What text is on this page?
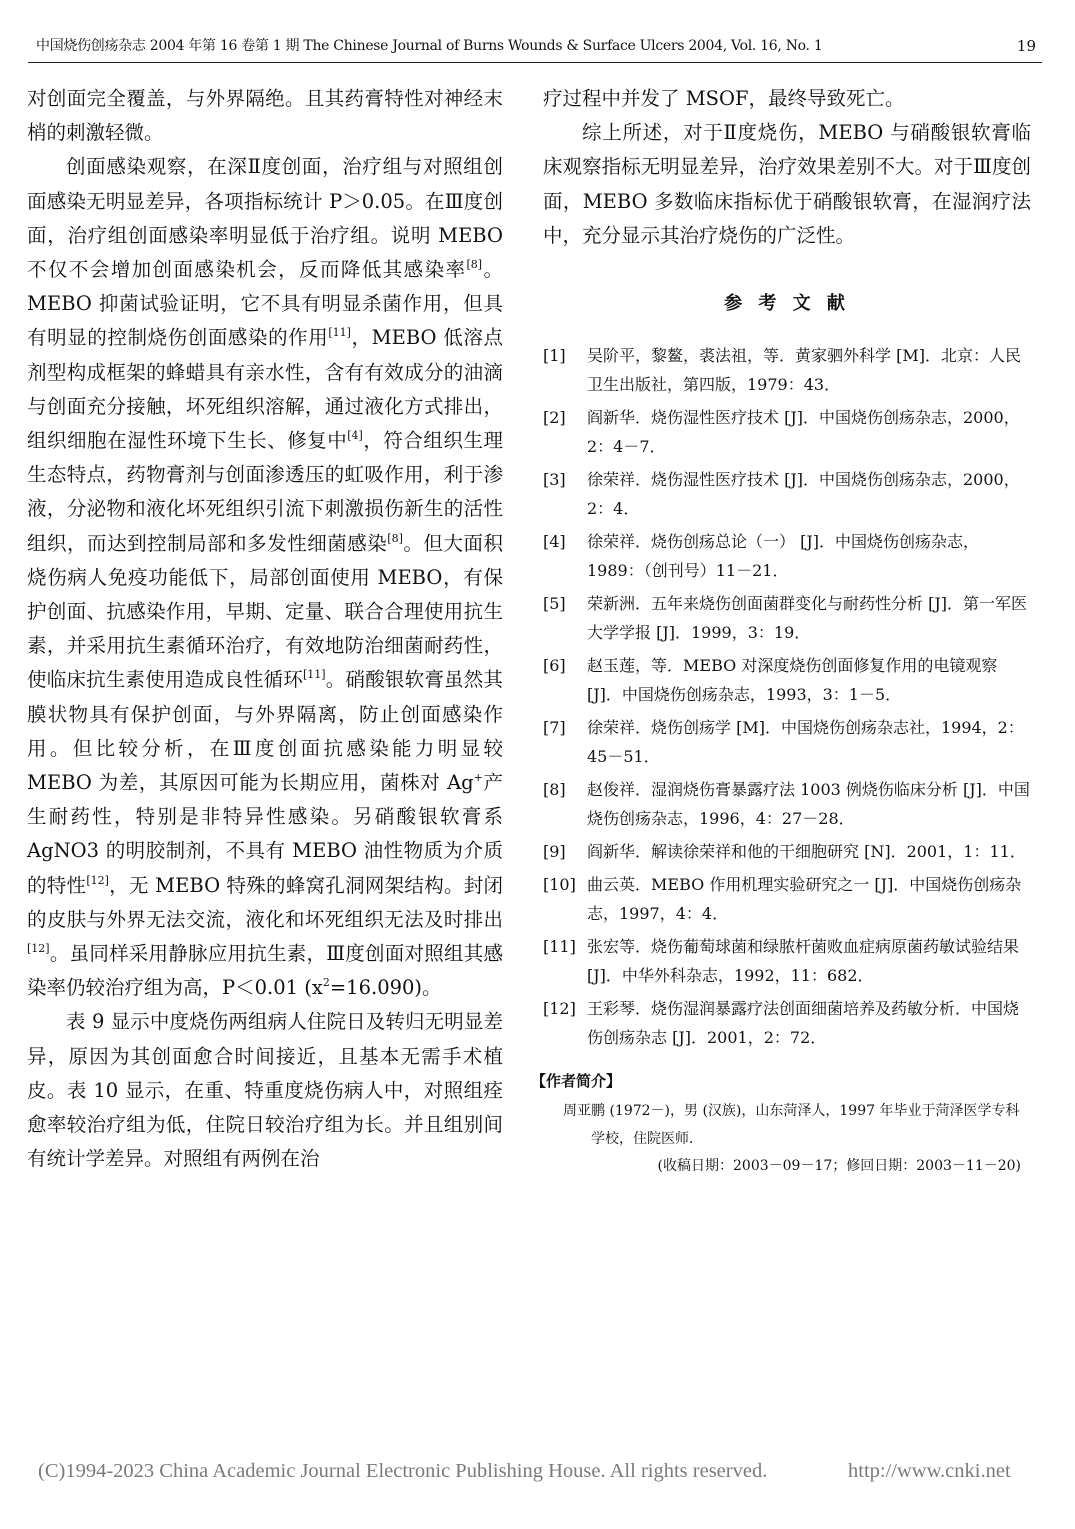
中国烧伤创疡杂志 2004 年第 16 卷第 1 期 The Chinese Journal of Burns Wounds & Surface Ulcers 2004, Vol. 16, No. 1	19

对创面完全覆盖，与外界隔绝。且其药膏特性对神经末梢的刺激轻微。

创面感染观察，在深Ⅱ度创面，治疗组与对照组创面感染无明显差异，各项指标统计 P＞0.05。在Ⅲ度创面，治疗组创面感染率明显低于治疗组。说明 MEBO 不仅不会增加创面感染机会，反而降低其感染率[8]。MEBO 抑菌试验证明，它不具有明显杀菌作用，但具有明显的控制烧伤创面感染的作用[11]，MEBO 低溶点剂型构成框架的蜂蜡具有亲水性，含有有效成分的油滴与创面充分接触，坏死组织溶解，通过液化方式排出，组织细胞在湿性环境下生长、修复中[4]，符合组织生理生态特点，药物膏剂与创面渗透压的虹吸作用，利于渗液，分泌物和液化坏死组织引流下刺激损伤新生的活性组织，而达到控制局部和多发性细菌感染[8]。但大面积烧伤病人免疫功能低下，局部创面使用 MEBO，有保护创面、抗感染作用，早期、定量、联合合理使用抗生素，并采用抗生素循环治疗，有效地防治细菌耐药性，使临床抗生素使用造成良性循环[11]。硝酸银软膏虽然其膜状物具有保护创面，与外界隔离，防止创面感染作用。但比较分析，在Ⅲ度创面抗感染能力明显较 MEBO 为差，其原因可能为长期应用，菌株对 Ag+产生耐药性，特别是非特异性感染。另硝酸银软膏系 AgNO3 的明胶制剂，不具有 MEBO 油性物质为介质的特性[12]，无 MEBO 特殊的蜂窝孔洞网架结构。封闭的皮肤与外界无法交流，液化和坏死组织无法及时排出[12]。虽同样采用静脉应用抗生素，Ⅲ度创面对照组其感染率仍较治疗组为高，P＜0.01 $(x^2=16.090)$。

表 9 显示中度烧伤两组病人住院日及转归无明显差异，原因为其创面愈合时间接近，且基本无需手术植皮。表 10 显示，在重、特重度烧伤病人中，对照组痊愈率较治疗组为低，住院日较治疗组为长。并且组别间有统计学差异。对照组有两例在治

疗过程中并发了 MSOF，最终导致死亡。

综上所述，对于Ⅱ度烧伤，MEBO 与硝酸银软膏临床观察指标无明显差异，治疗效果差别不大。对于Ⅲ度创面，MEBO 多数临床指标优于硝酸银软膏，在湿润疗法中，充分显示其治疗烧伤的广泛性。

参 考 文 献
[1]	吴阶平，黎鳌，裘法祖，等．黄家驷外科学 [M]．北京：人民卫生出版社，第四版，1979：43．
[2]	阎新华．烧伤湿性医疗技术 [J]．中国烧伤创疡杂志，2000，2：4－7．
[3]	徐荣祥．烧伤湿性医疗技术 [J]．中国烧伤创疡杂志，2000，2：4．
[4]	徐荣祥．烧伤创疡总论（一） [J]．中国烧伤创疡杂志，1989：（创刊号）11－21．
[5]	荣新洲．五年来烧伤创面菌群变化与耐药性分析 [J]．第一军医大学学报 [J]．1999，3：19．
[6]	赵玉莲，等．MEBO 对深度烧伤创面修复作用的电镜观察 [J]．中国烧伤创疡杂志，1993，3：1－5．
[7]	徐荣祥．烧伤创疡学 [M]．中国烧伤创疡杂志社，1994，2：45－51．
[8]	赵俊祥．湿润烧伤膏暴露疗法 1003 例烧伤临床分析 [J]．中国烧伤创疡杂志，1996，4：27－28．
[9]	阎新华．解读徐荣祥和他的干细胞研究 [N]．2001，1：11．
[10] 曲云英．MEBO 作用机理实验研究之一 [J]．中国烧伤创疡杂志，1997，4：4．
[11] 张宏等．烧伤葡萄球菌和绿脓杆菌败血症病原菌药敏试验结果 [J]．中华外科杂志，1992，11：682．
[12] 王彩琴．烧伤湿润暴露疗法创面细菌培养及药敏分析．中国烧伤创疡杂志 [J]．2001，2：72．
【作者简介】
周亚鹏 (1972－)，男 (汉族)，山东菏泽人，1997 年毕业于菏泽医学专科学校，住院医师．
(收稿日期：2003－09－17；修回日期：2003－11－20)
(C)1994-2023 China Academic Journal Electronic Publishing House. All rights reserved.	http://www.cnki.net
